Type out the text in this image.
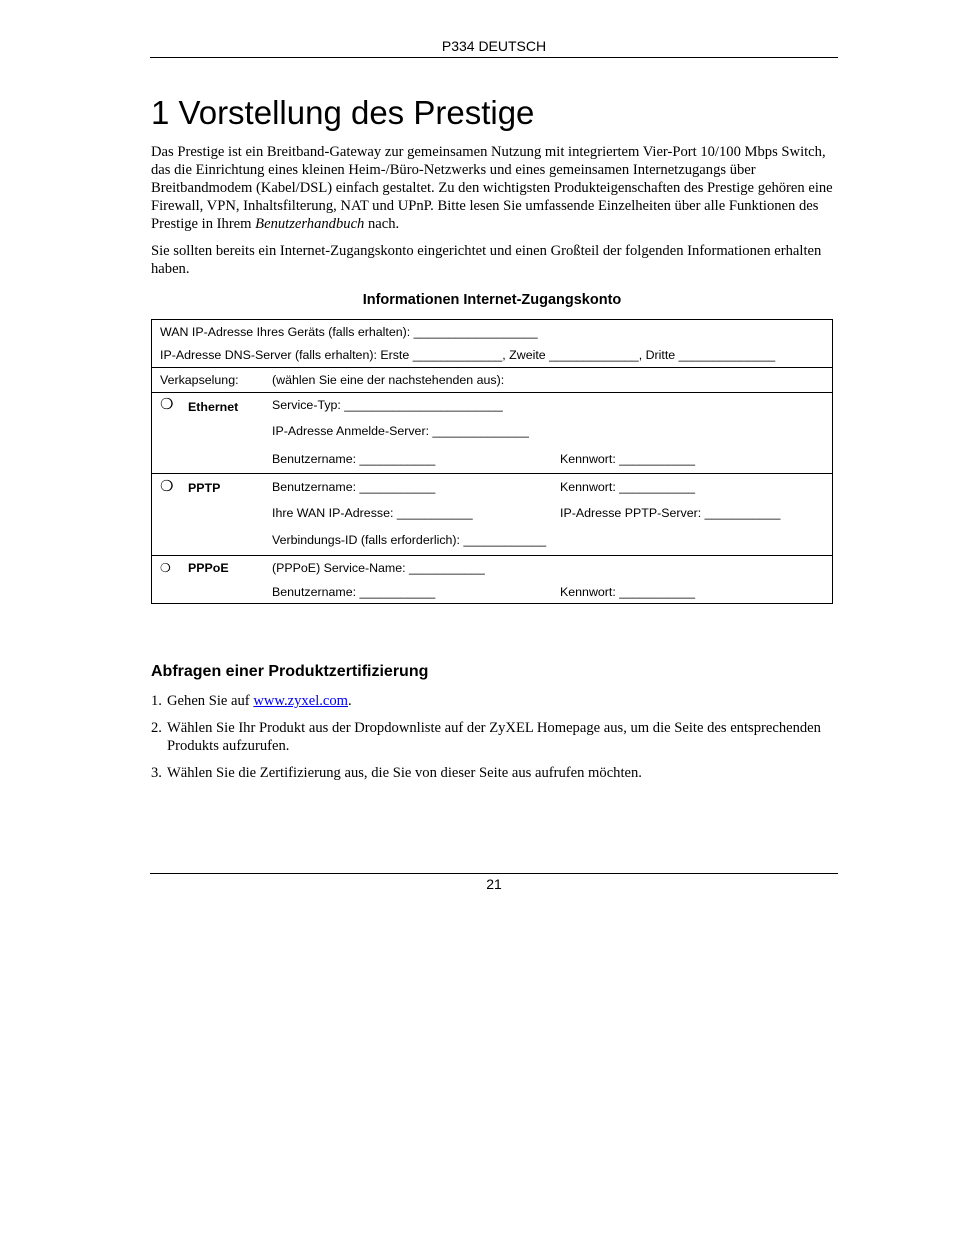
P334 DEUTSCH
1 Vorstellung des Prestige

Das Prestige ist ein Breitband-Gateway zur gemeinsamen Nutzung mit integriertem Vier-Port 10/100 Mbps Switch, das die Einrichtung eines kleinen Heim-/Büro-Netzwerks und eines gemeinsamen Internetzugangs über Breitbandmodem (Kabel/DSL) einfach gestaltet. Zu den wichtigsten Produkteigenschaften des Prestige gehören eine Firewall, VPN, Inhaltsfilterung, NAT und UPnP. Bitte lesen Sie umfassende Einzelheiten über alle Funktionen des Prestige in Ihrem Benutzerhandbuch nach.

Sie sollten bereits ein Internet-Zugangskonto eingerichtet und einen Großteil der folgenden Informationen erhalten haben.

Informationen Internet-Zugangskonto
WAN IP-Adresse Ihres Geräts (falls erhalten): __________________
IP-Adresse DNS-Server (falls erhalten): Erste _____________, Zweite _____________, Dritte ______________
Verkapselung:	(wählen Sie eine der nachstehenden aus):
❍ Ethernet	Service-Typ: _______________________
IP-Adresse Anmelde-Server: ______________
Benutzername: ___________	Kennwort: ___________
❍ PPTP	Benutzername: ___________	Kennwort: ___________
Ihre WAN IP-Adresse: ___________	IP-Adresse PPTP-Server: ___________
Verbindungs-ID (falls erforderlich): ____________
❍ PPPoE	(PPPoE) Service-Name: ___________
Benutzername: ___________	Kennwort: ___________
Abfragen einer Produktzertifizierung

1. Gehen Sie auf www.zyxel.com.

2. Wählen Sie Ihr Produkt aus der Dropdownliste auf der ZyXEL Homepage aus, um die Seite des entsprechenden Produkts aufzurufen.

3. Wählen Sie die Zertifizierung aus, die Sie von dieser Seite aus aufrufen möchten.

21
